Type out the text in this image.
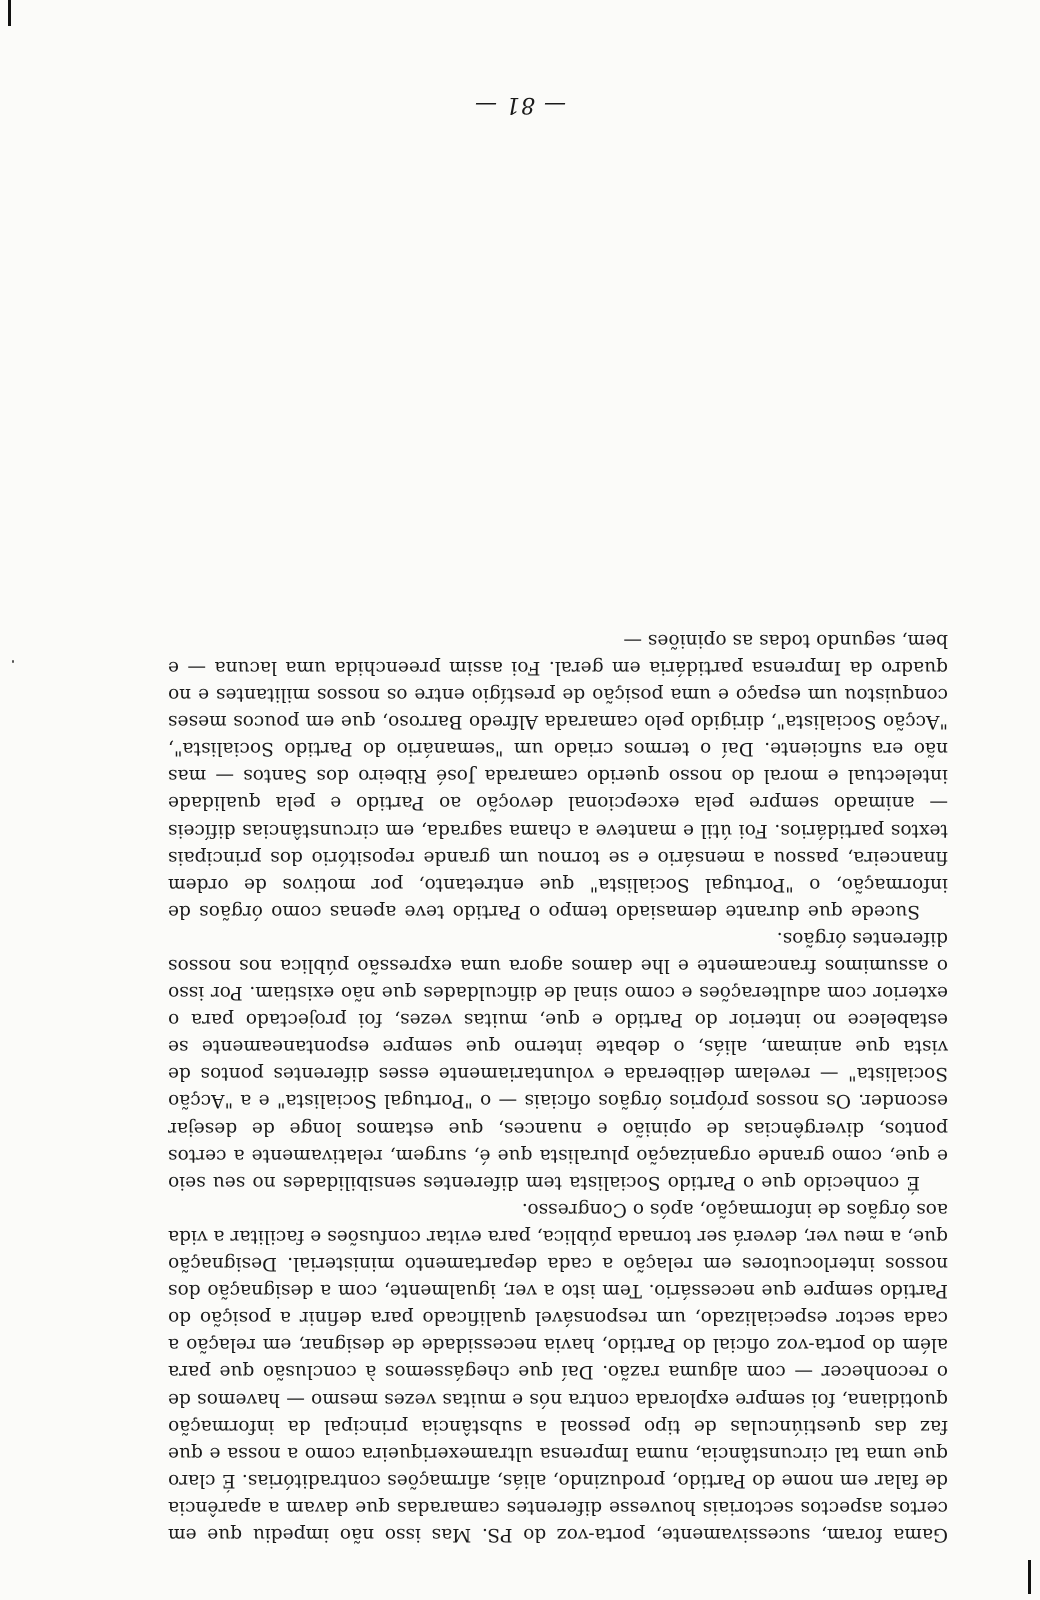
Gama foram, sucessivamente, porta-voz do PS. Mas isso não impediu que em certos aspectos sectoriais houvesse diferentes camaradas que davam a aparência de falar em nome do Partido, produzindo, aliás, afirmações contraditórias. É claro que uma tal circunstância, numa Imprensa ultramexeriqueira como a nossa e que faz das questiúnculas de tipo pessoal a substância principal da informação quotidiana, foi sempre explorada contra nós e muitas vezes mesmo — havemos de o reconhecer — com alguma razão. Daí que chegássemos à conclusão que para além do porta-voz oficial do Partido, havia necessidade de designar, em relação a cada sector especializado, um responsável qualificado para definir a posição do Partido sempre que necessário. Tem isto a ver, igualmente, com a designação dos nossos interlocutores em relação a cada departamento ministerial. Designação que, a meu ver, deverá ser tornada pública, para evitar confusões e facilitar a vida aos órgãos de informação, após o Congresso.

É conhecido que o Partido Socialista tem diferentes sensibilidades no seu seio e que, como grande organização pluralista que é, surgem, relativamente a certos pontos, divergências de opinião e nuances, que estamos longe de desejar esconder. Os nossos próprios órgãos oficiais — o "Portugal Socialista" e a "Acção Socialista" — revelam deliberada e voluntariamente esses diferentes pontos de vista que animam, aliás, o debate interno que sempre espontaneamente se estabelece no interior do Partido e que, muitas vezes, foi projectado para o exterior com adulterações e como sinal de dificuldades que não existiam. Por isso o assumimos francamente e lhe damos agora uma expressão pública nos nossos diferentes órgãos.

Sucede que durante demasiado tempo o Partido teve apenas como órgãos de informação, o "Portugal Socialista" que entretanto, por motivos de ordem financeira, passou a mensário e se tornou um grande repositório dos principais textos partidários. Foi útil e manteve a chama sagrada, em circunstâncias difíceis — animado sempre pela excepcional devoção ao Partido e pela qualidade intelectual e moral do nosso querido camarada José Ribeiro dos Santos — mas não era suficiente. Daí o termos criado um "semanário do Partido Socialista", "Acção Socialista", dirigido pelo camarada Alfredo Barroso, que em poucos meses conquistou um espaço e uma posição de prestígio entre os nossos militantes e no quadro da Imprensa partidária em geral. Foi assim preenchida uma lacuna — e bem, segundo todas as opiniões —

— 81 —
